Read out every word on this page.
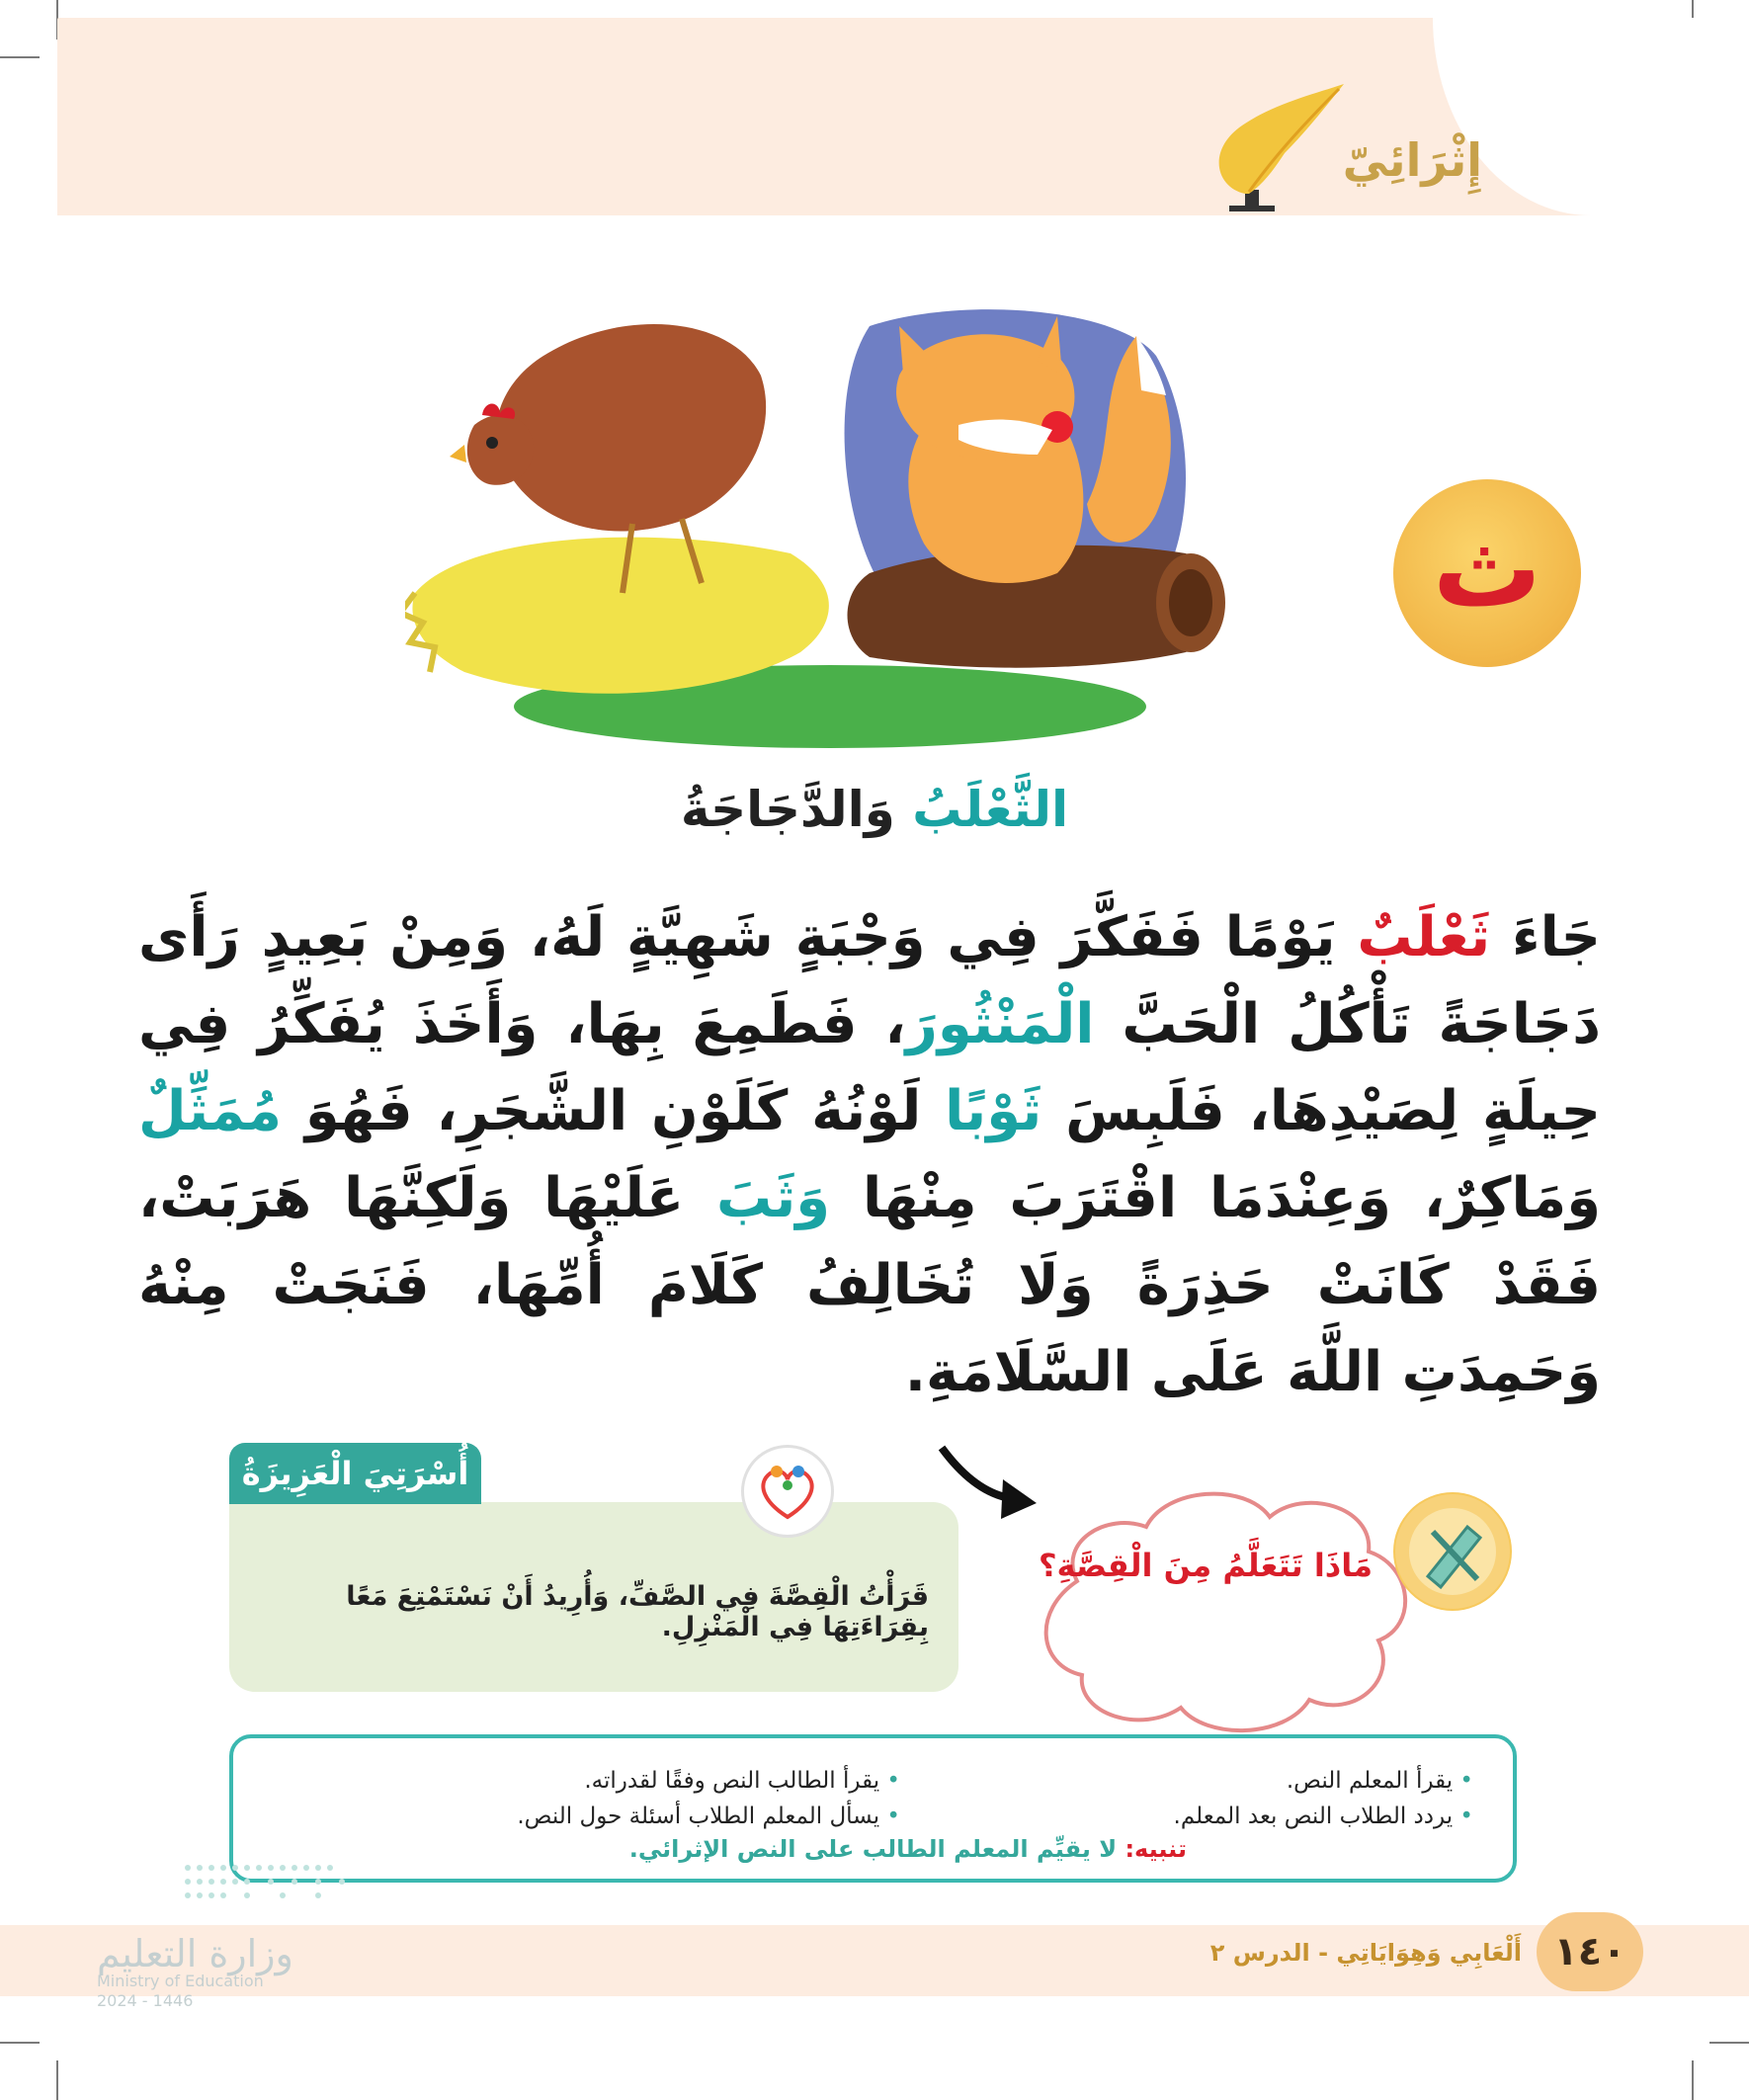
إِثْرَائِيّ
ث
الثَّعْلَبُ وَالدَّجَاجَةُ
جَاءَ ثَعْلَبٌ يَوْمًا فَفَكَّرَ فِي وَجْبَةٍ شَهِيَّةٍ لَهُ، وَمِنْ بَعِيدٍ رَأَى دَجَاجَةً تَأْكُلُ الْحَبَّ الْمَنْثُورَ، فَطَمِعَ بِهَا، وَأَخَذَ يُفَكِّرُ فِي حِيلَةٍ لِصَيْدِهَا، فَلَبِسَ ثَوْبًا لَوْنُهُ كَلَوْنِ الشَّجَرِ، فَهُوَ مُمَثِّلٌ وَمَاكِرٌ، وَعِنْدَمَا اقْتَرَبَ مِنْهَا وَثَبَ عَلَيْهَا وَلَكِنَّهَا هَرَبَتْ، فَقَدْ كَانَتْ حَذِرَةً وَلَا تُخَالِفُ كَلَامَ أُمِّهَا، فَنَجَتْ مِنْهُ وَحَمِدَتِ اللَّهَ عَلَى السَّلَامَةِ.
أُسْرَتِيَ الْعَزِيزَةُ
قَرَأْتُ الْقِصَّةَ فِي الصَّفِّ، وَأُرِيدُ أَنْ نَسْتَمْتِعَ مَعًا بِقِرَاءَتِهَا فِي الْمَنْزِلِ.
مَاذَا تَتَعَلَّمُ مِنَ الْقِصَّةِ؟
• يقرأ المعلم النص.
• يردد الطلاب النص بعد المعلم.
• يقرأ الطالب النص وفقًا لقدراته.
• يسأل المعلم الطلاب أسئلة حول النص.
تنبيه: لا يقيِّم المعلم الطالب على النص الإثرائي.
أَلْعَابِي وَهِوَايَاتِي - الدرس ٢ ١٤٠
وزارة التعليم
Ministry of Education
2024 - 1446
